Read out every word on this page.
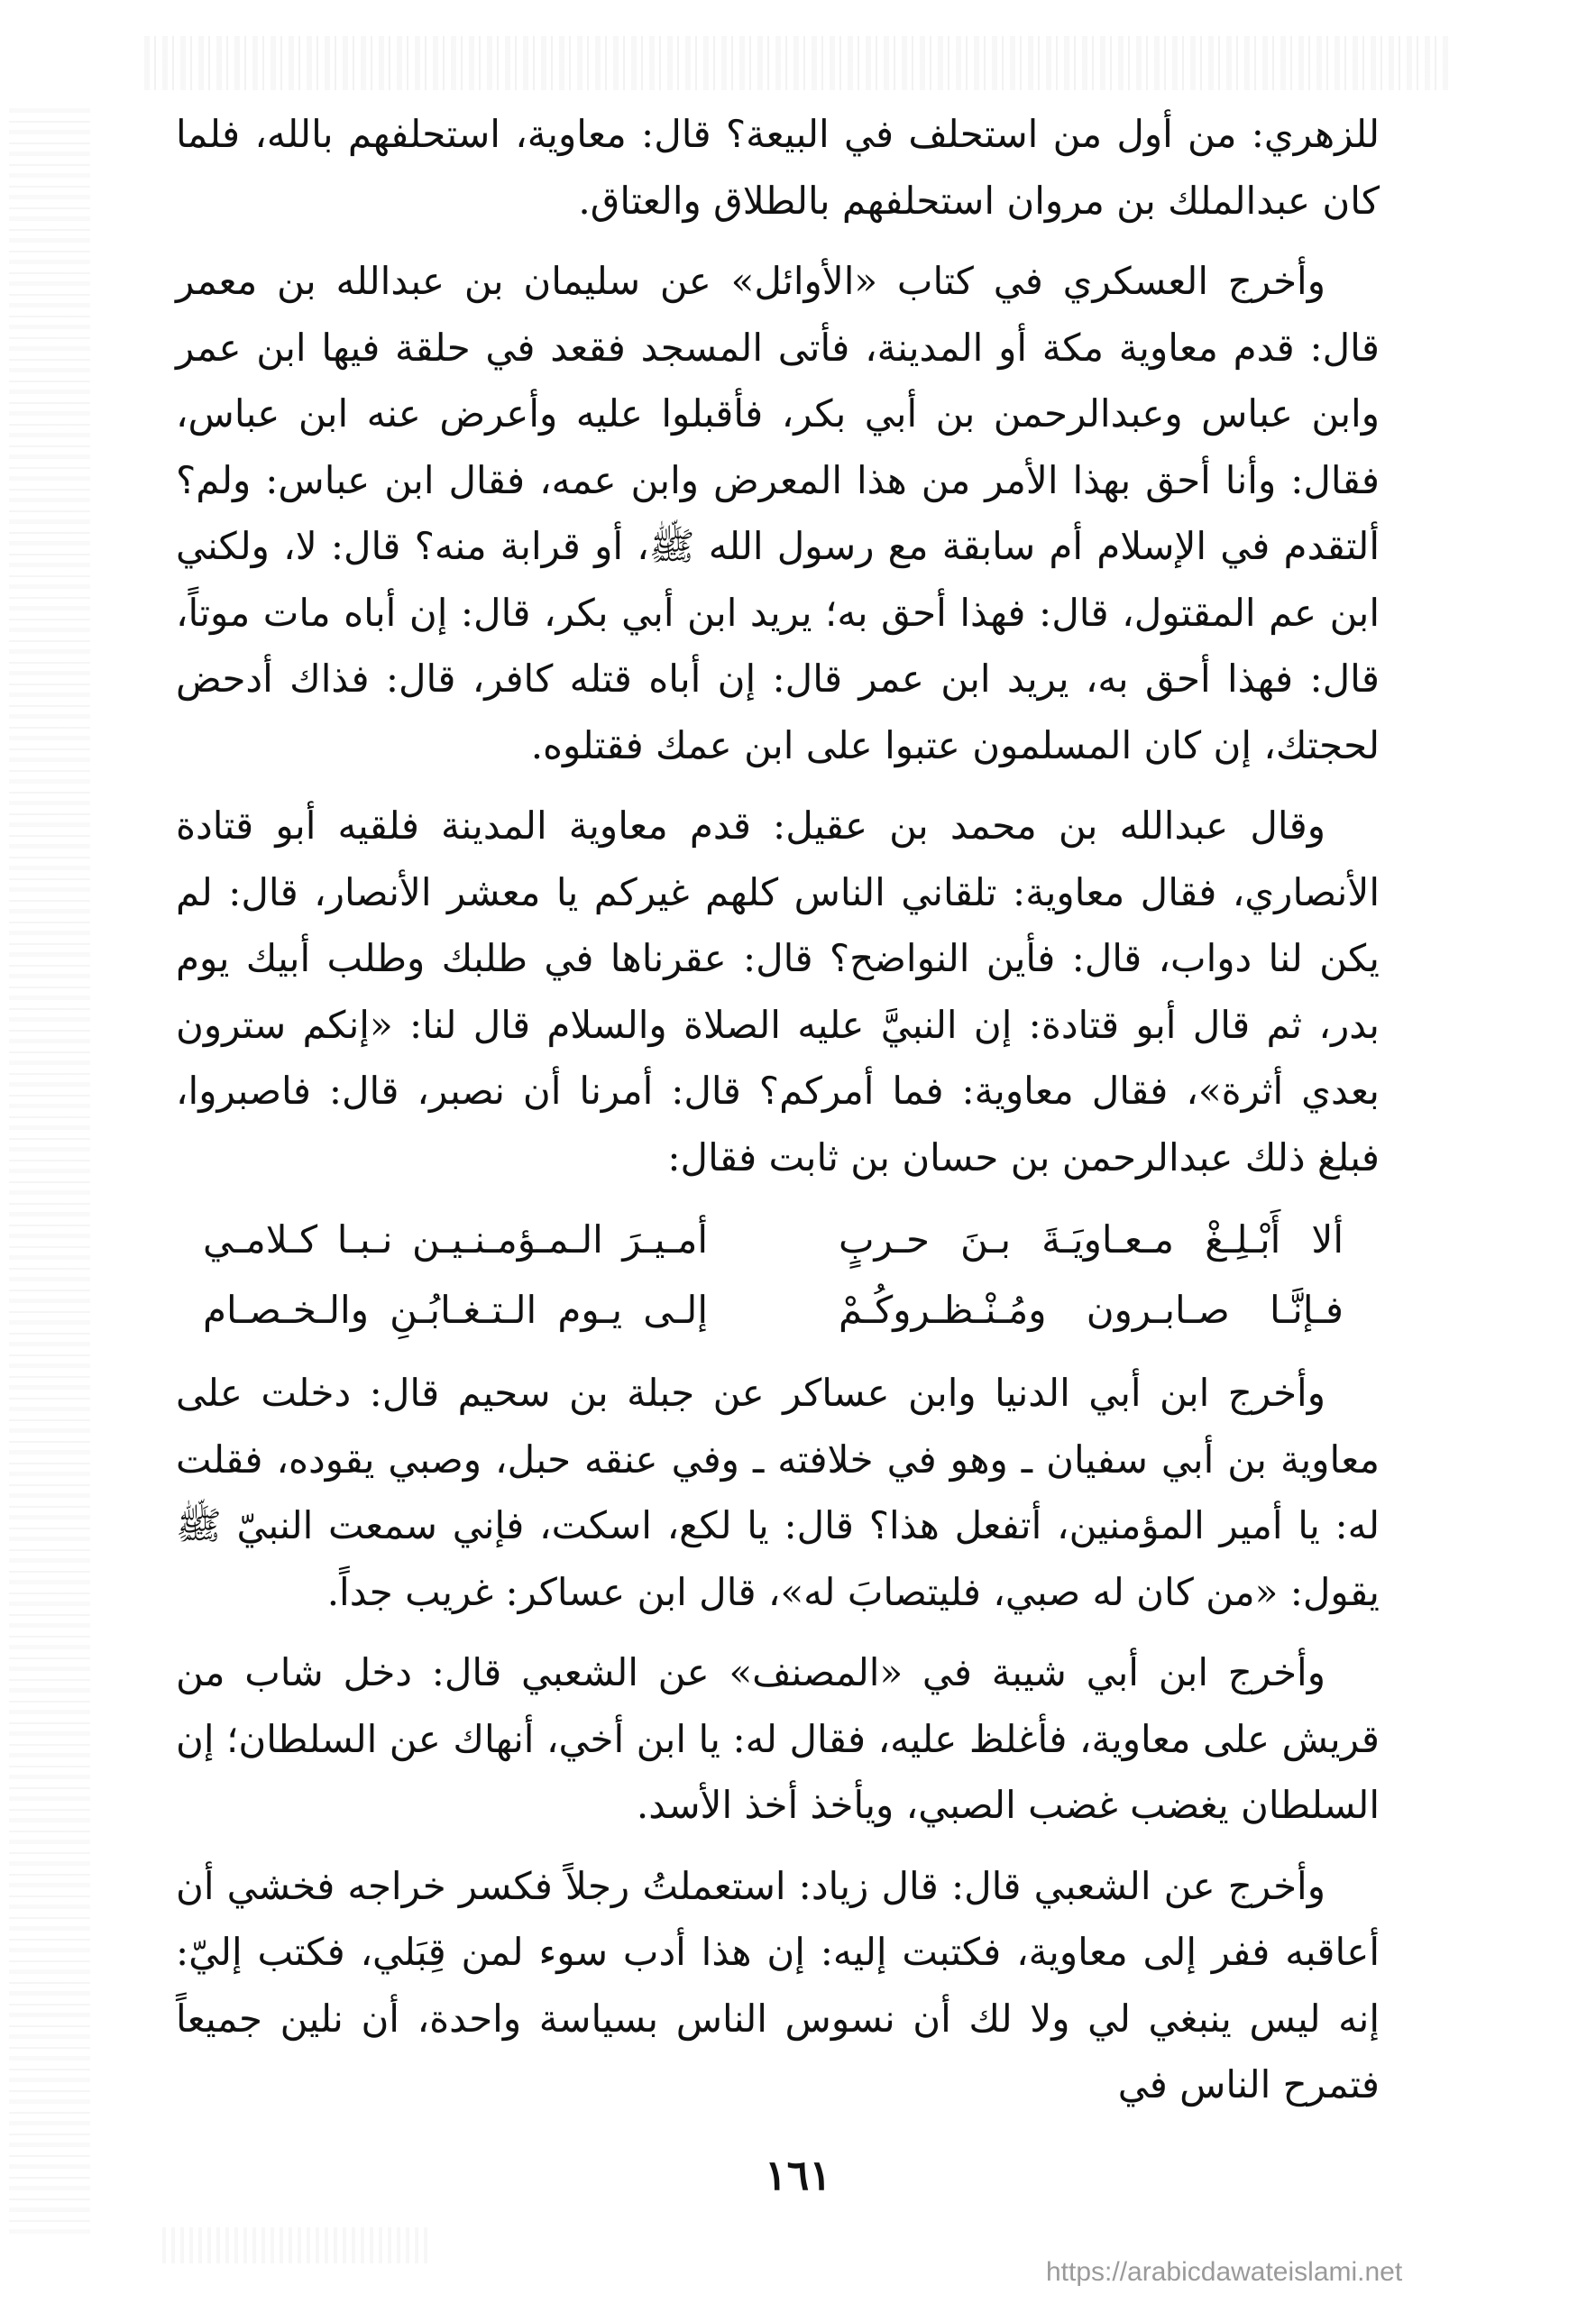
للزهري: من أول من استحلف في البيعة؟ قال: معاوية، استحلفهم بالله، فلما كان عبدالملك بن مروان استحلفهم بالطلاق والعتاق.

وأخرج العسكري في كتاب «الأوائل» عن سليمان بن عبدالله بن معمر قال: قدم معاوية مكة أو المدينة، فأتى المسجد فقعد في حلقة فيها ابن عمر وابن عباس وعبدالرحمن بن أبي بكر، فأقبلوا عليه وأعرض عنه ابن عباس، فقال: وأنا أحق بهذا الأمر من هذا المعرض وابن عمه، فقال ابن عباس: ولم؟ ألتقدم في الإسلام أم سابقة مع رسول الله ﷺ، أو قرابة منه؟ قال: لا، ولكني ابن عم المقتول، قال: فهذا أحق به؛ يريد ابن أبي بكر، قال: إن أباه مات موتاً، قال: فهذا أحق به، يريد ابن عمر قال: إن أباه قتله كافر، قال: فذاك أدحض لحجتك، إن كان المسلمون عتبوا على ابن عمك فقتلوه.

وقال عبدالله بن محمد بن عقيل: قدم معاوية المدينة فلقيه أبو قتادة الأنصاري، فقال معاوية: تلقاني الناس كلهم غيركم يا معشر الأنصار، قال: لم يكن لنا دواب، قال: فأين النواضح؟ قال: عقرناها في طلبك وطلب أبيك يوم بدر، ثم قال أبو قتادة: إن النبيَّ عليه الصلاة والسلام قال لنا: «إنكم سترون بعدي أثرة»، فقال معاوية: فما أمركم؟ قال: أمرنا أن نصبر، قال: فاصبروا، فبلغ ذلك عبدالرحمن بن حسان بن ثابت فقال:

ألا أَبْـلِـغْ مـعـاويَـةَ بـنَ حـربٍ
أمـيـرَ الـمـؤمـنـيـن نـبـا كـلامـي
فـإنَّـا صـابـرون ومُـنْـظـروكُـمْ
إلـى يـوم الـتـغـابُـنِ والـخـصـام

وأخرج ابن أبي الدنيا وابن عساكر عن جبلة بن سحيم قال: دخلت على معاوية بن أبي سفيان ـ وهو في خلافته ـ وفي عنقه حبل، وصبي يقوده، فقلت له: يا أمير المؤمنين، أتفعل هذا؟ قال: يا لكع، اسكت، فإني سمعت النبيّ ﷺ يقول: «من كان له صبي، فليتصابَ له»، قال ابن عساكر: غريب جداً.

وأخرج ابن أبي شيبة في «المصنف» عن الشعبي قال: دخل شاب من قريش على معاوية، فأغلظ عليه، فقال له: يا ابن أخي، أنهاك عن السلطان؛ إن السلطان يغضب غضب الصبي، ويأخذ أخذ الأسد.

وأخرج عن الشعبي قال: قال زياد: استعملتُ رجلاً فكسر خراجه فخشي أن أعاقبه ففر إلى معاوية، فكتبت إليه: إن هذا أدب سوء لمن قِبَلي، فكتب إليّ: إنه ليس ينبغي لي ولا لك أن نسوس الناس بسياسة واحدة، أن نلين جميعاً فتمرح الناس في

١٦١
https://arabicdawateislami.net
